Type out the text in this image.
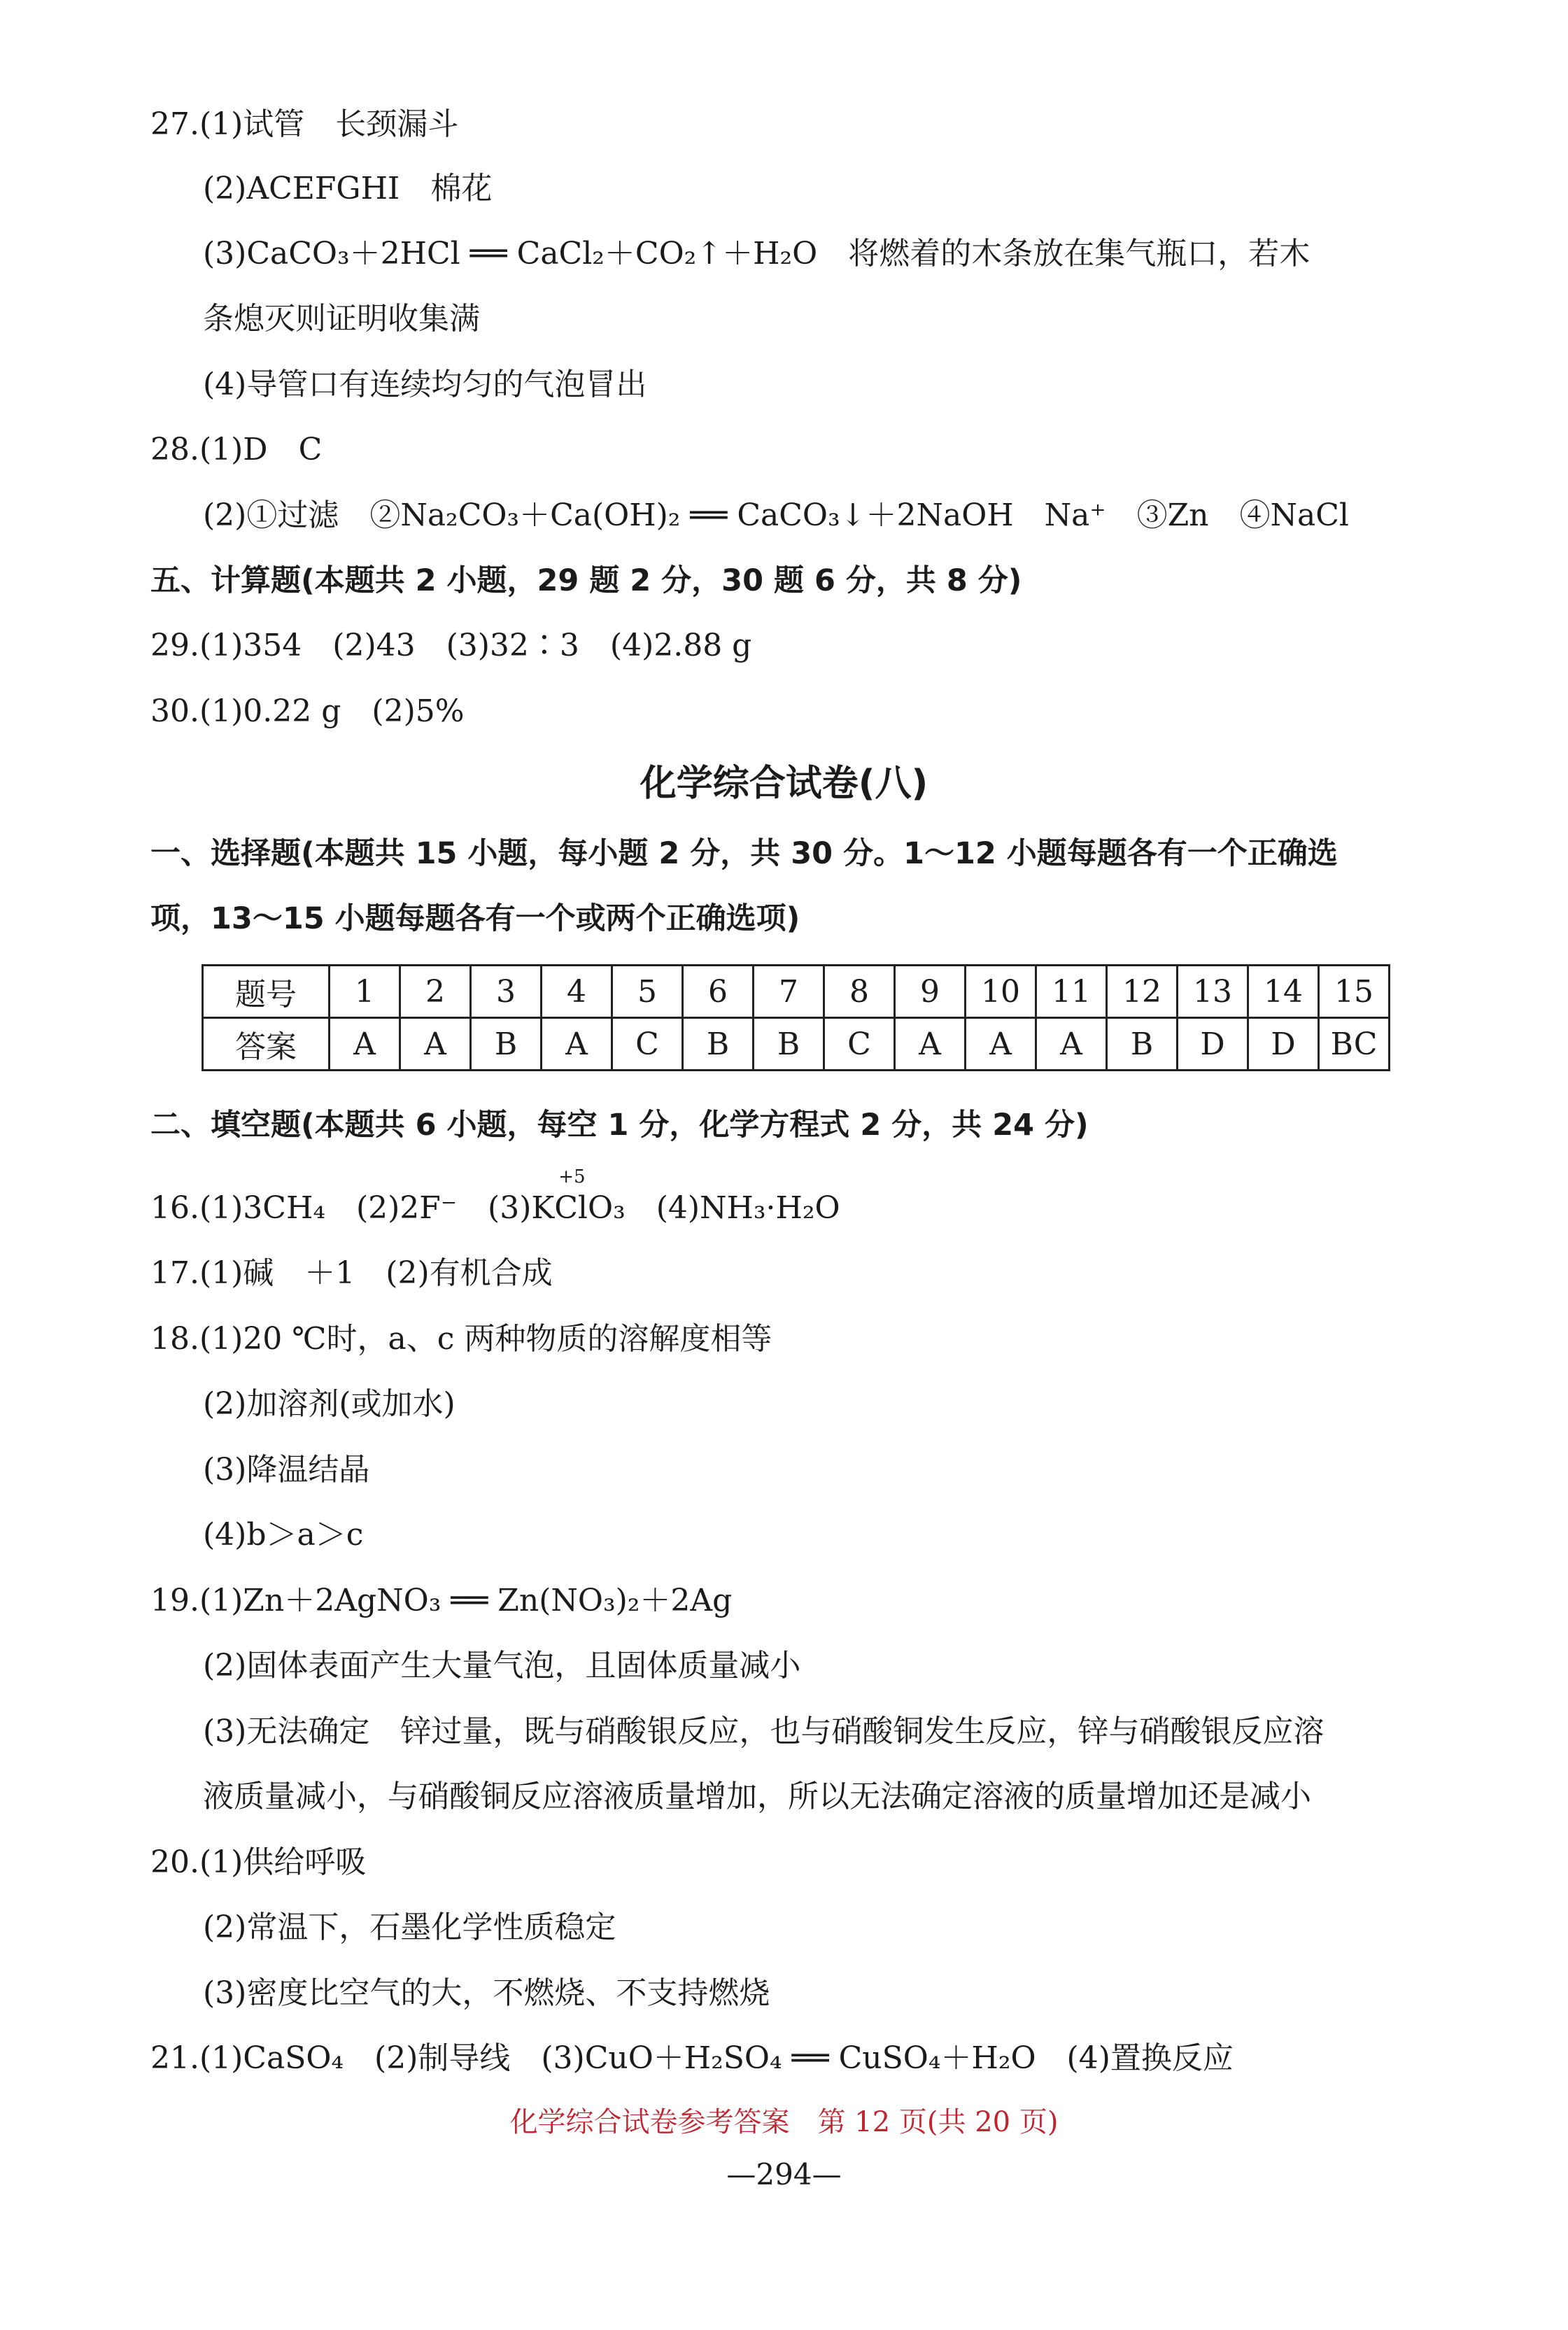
27.(1)试管　长颈漏斗
(2)ACEFGHI　棉花
(3)CaCO₃＋2HCl ══ CaCl₂＋CO₂↑＋H₂O　将燃着的木条放在集气瓶口，若木
条熄灭则证明收集满
(4)导管口有连续均匀的气泡冒出
28.(1)D　C
(2)①过滤　②Na₂CO₃＋Ca(OH)₂ ══ CaCO₃↓＋2NaOH　Na⁺　③Zn　④NaCl
五、计算题(本题共 2 小题，29 题 2 分，30 题 6 分，共 8 分)
29.(1)354　(2)43　(3)32∶3　(4)2.88 g
30.(1)0.22 g　(2)5%
化学综合试卷(八)
一、选择题(本题共 15 小题，每小题 2 分，共 30 分。1～12 小题每题各有一个正确选
项，13～15 小题每题各有一个或两个正确选项)
题号	1	2	3	4	5	6	7	8	9	10	11	12	13	14	15
答案	A	A	B	A	C	B	B	C	A	A	A	B	D	D	BC
二、填空题(本题共 6 小题，每空 1 分，化学方程式 2 分，共 24 分)
16.(1)3CH₄　(2)2F⁻　(3)K
+5
ClO₃　(4)NH₃·H₂O
17.(1)碱　＋1　(2)有机合成
18.(1)20 ℃时，a、c 两种物质的溶解度相等
(2)加溶剂(或加水)
(3)降温结晶
(4)b＞a＞c
19.(1)Zn＋2AgNO₃ ══ Zn(NO₃)₂＋2Ag
(2)固体表面产生大量气泡，且固体质量减小
(3)无法确定　锌过量，既与硝酸银反应，也与硝酸铜发生反应，锌与硝酸银反应溶
液质量减小，与硝酸铜反应溶液质量增加，所以无法确定溶液的质量增加还是减小
20.(1)供给呼吸
(2)常温下，石墨化学性质稳定
(3)密度比空气的大，不燃烧、不支持燃烧
21.(1)CaSO₄　(2)制导线　(3)CuO＋H₂SO₄ ══ CuSO₄＋H₂O　(4)置换反应
化学综合试卷参考答案　第 12 页(共 20 页)
—294—
